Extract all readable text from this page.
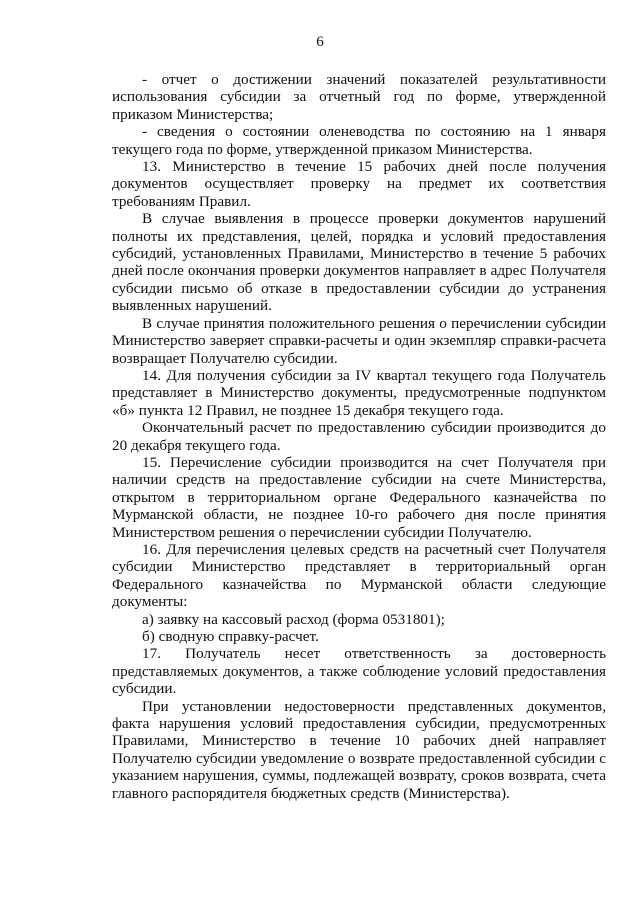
6

- отчет о достижении значений показателей результативности использования субсидии за отчетный год по форме, утвержденной приказом Министерства;

- сведения о состоянии оленеводства по состоянию на 1 января текущего года по форме, утвержденной приказом Министерства.

13. Министерство в течение 15 рабочих дней после получения документов осуществляет проверку на предмет их соответствия требованиям Правил.

В случае выявления в процессе проверки документов нарушений полноты их представления, целей, порядка и условий предоставления субсидий, установленных Правилами, Министерство в течение 5 рабочих дней после окончания проверки документов направляет в адрес Получателя субсидии письмо об отказе в предоставлении субсидии до устранения выявленных нарушений.

В случае принятия положительного решения о перечислении субсидии Министерство заверяет справки-расчеты и один экземпляр справки-расчета возвращает Получателю субсидии.

14. Для получения субсидии за IV квартал текущего года Получатель представляет в Министерство документы, предусмотренные подпунктом «б» пункта 12 Правил, не позднее 15 декабря текущего года.

Окончательный расчет по предоставлению субсидии производится до 20 декабря текущего года.

15. Перечисление субсидии производится на счет Получателя при наличии средств на предоставление субсидии на счете Министерства, открытом в территориальном органе Федерального казначейства по Мурманской области, не позднее 10-го рабочего дня после принятия Министерством решения о перечислении субсидии Получателю.

16. Для перечисления целевых средств на расчетный счет Получателя субсидии Министерство представляет в территориальный орган Федерального казначейства по Мурманской области следующие документы:

а) заявку на кассовый расход (форма 0531801);

б) сводную справку-расчет.

17. Получатель несет ответственность за достоверность представляемых документов, а также соблюдение условий предоставления субсидии.

При установлении недостоверности представленных документов, факта нарушения условий предоставления субсидии, предусмотренных Правилами, Министерство в течение 10 рабочих дней направляет Получателю субсидии уведомление о возврате предоставленной субсидии с указанием нарушения, суммы, подлежащей возврату, сроков возврата, счета главного распорядителя бюджетных средств (Министерства).
